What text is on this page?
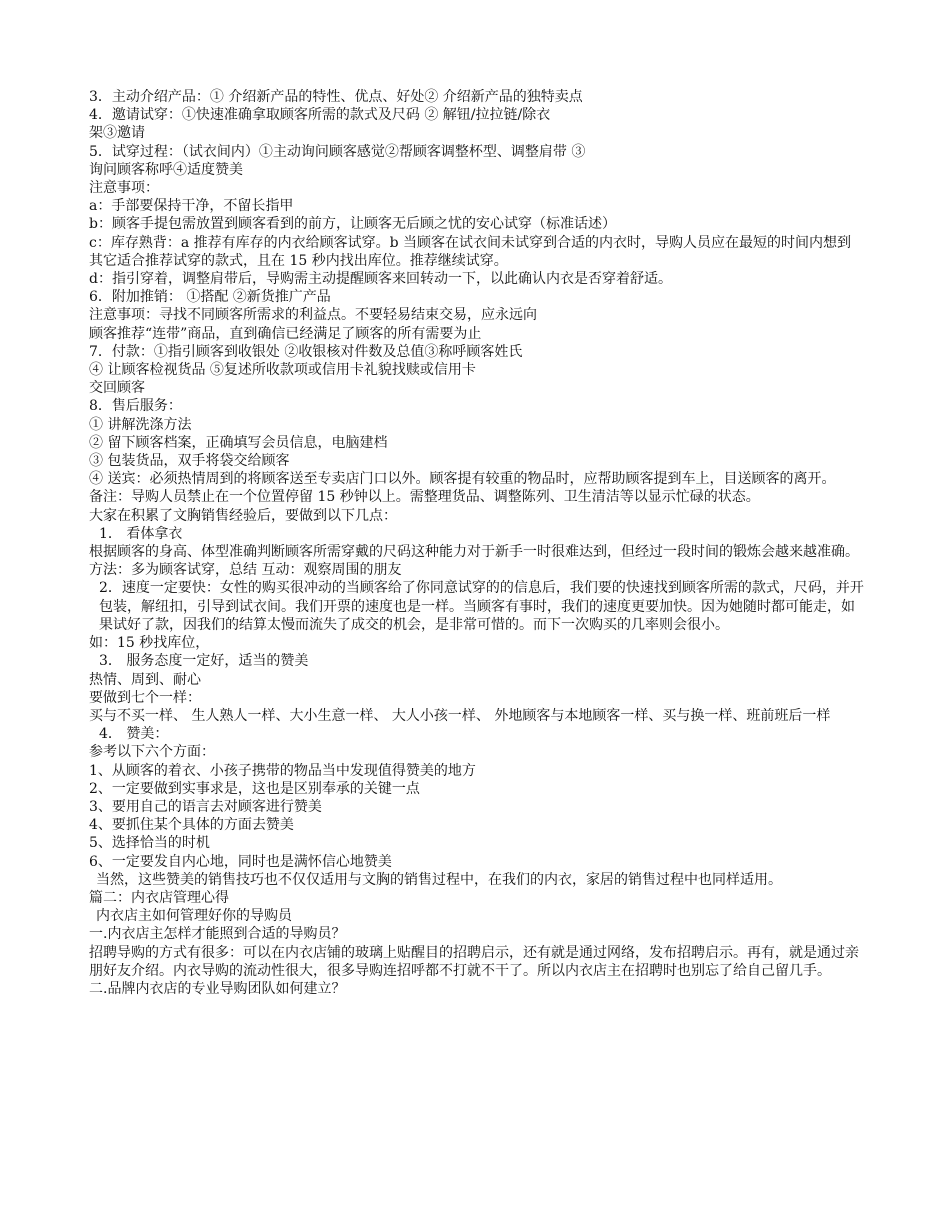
3．主动介绍产品：① 介绍新产品的特性、优点、好处② 介绍新产品的独特卖点

4．邀请试穿：①快速准确拿取顾客所需的款式及尺码 ② 解钮/拉拉链/除衣

架③邀请

5．试穿过程：（试衣间内）①主动询问顾客感觉②帮顾客调整杯型、调整肩带 ③

询问顾客称呼④适度赞美

注意事项：

a：手部要保持干净，不留长指甲

b：顾客手提包需放置到顾客看到的前方，让顾客无后顾之忧的安心试穿（标准话述）

c：库存熟背：a 推荐有库存的内衣给顾客试穿。b 当顾客在试衣间未试穿到合适的内衣时，导购人员应在最短的时间内想到其它适合推荐试穿的款式，且在 15 秒内找出库位。推荐继续试穿。

d：指引穿着，调整肩带后，导购需主动提醒顾客来回转动一下，以此确认内衣是否穿着舒适。

6．附加推销： ①搭配 ②新货推广产品

注意事项：寻找不同顾客所需求的利益点。不要轻易结束交易，应永远向

顾客推荐“连带”商品，直到确信已经满足了顾客的所有需要为止

7．付款：①指引顾客到收银处 ②收银核对件数及总值③称呼顾客姓氏

④ 让顾客检视货品 ⑤复述所收款项或信用卡礼貌找赎或信用卡

交回顾客

8．售后服务：

① 讲解洗涤方法

② 留下顾客档案，正确填写会员信息，电脑建档

③ 包装货品，双手将袋交给顾客

④ 送宾：必须热情周到的将顾客送至专卖店门口以外。顾客提有较重的物品时，应帮助顾客提到车上，目送顾客的离开。

备注：导购人员禁止在一个位置停留 15 秒钟以上。需整理货品、调整陈列、卫生清洁等以显示忙碌的状态。

大家在积累了文胸销售经验后，要做到以下几点：

1． 看体拿衣

根据顾客的身高、体型准确判断顾客所需穿戴的尺码这种能力对于新手一时很难达到，但经过一段时间的锻炼会越来越准确。方法：多为顾客试穿，总结 互动：观察周围的朋友

2．速度一定要快：女性的购买很冲动的当顾客给了你同意试穿的的信息后，我们要的快速找到顾客所需的款式，尺码，并开包装，解纽扣，引导到试衣间。我们开票的速度也是一样。当顾客有事时，我们的速度更要加快。因为她随时都可能走，如果试好了款，因我们的结算太慢而流失了成交的机会，是非常可惜的。而下一次购买的几率则会很小。

如：15 秒找库位，

3． 服务态度一定好，适当的赞美

热情、周到、耐心

要做到七个一样：

买与不买一样、 生人熟人一样、大小生意一样、 大人小孩一样、 外地顾客与本地顾客一样、买与换一样、班前班后一样

4． 赞美：

参考以下六个方面：

1、从顾客的着衣、小孩子携带的物品当中发现值得赞美的地方

2、一定要做到实事求是，这也是区别奉承的关键一点

3、要用自己的语言去对顾客进行赞美

4、要抓住某个具体的方面去赞美

5、选择恰当的时机

6、一定要发自内心地，同时也是满怀信心地赞美

当然，这些赞美的销售技巧也不仅仅适用与文胸的销售过程中，在我们的内衣，家居的销售过程中也同样适用。

篇二：内衣店管理心得

内衣店主如何管理好你的导购员

一.内衣店主怎样才能照到合适的导购员？

招聘导购的方式有很多：可以在内衣店铺的玻璃上贴醒目的招聘启示，还有就是通过网络，发布招聘启示。再有，就是通过亲朋好友介绍。内衣导购的流动性很大，很多导购连招呼都不打就不干了。所以内衣店主在招聘时也别忘了给自己留几手。

二.品牌内衣店的专业导购团队如何建立？
